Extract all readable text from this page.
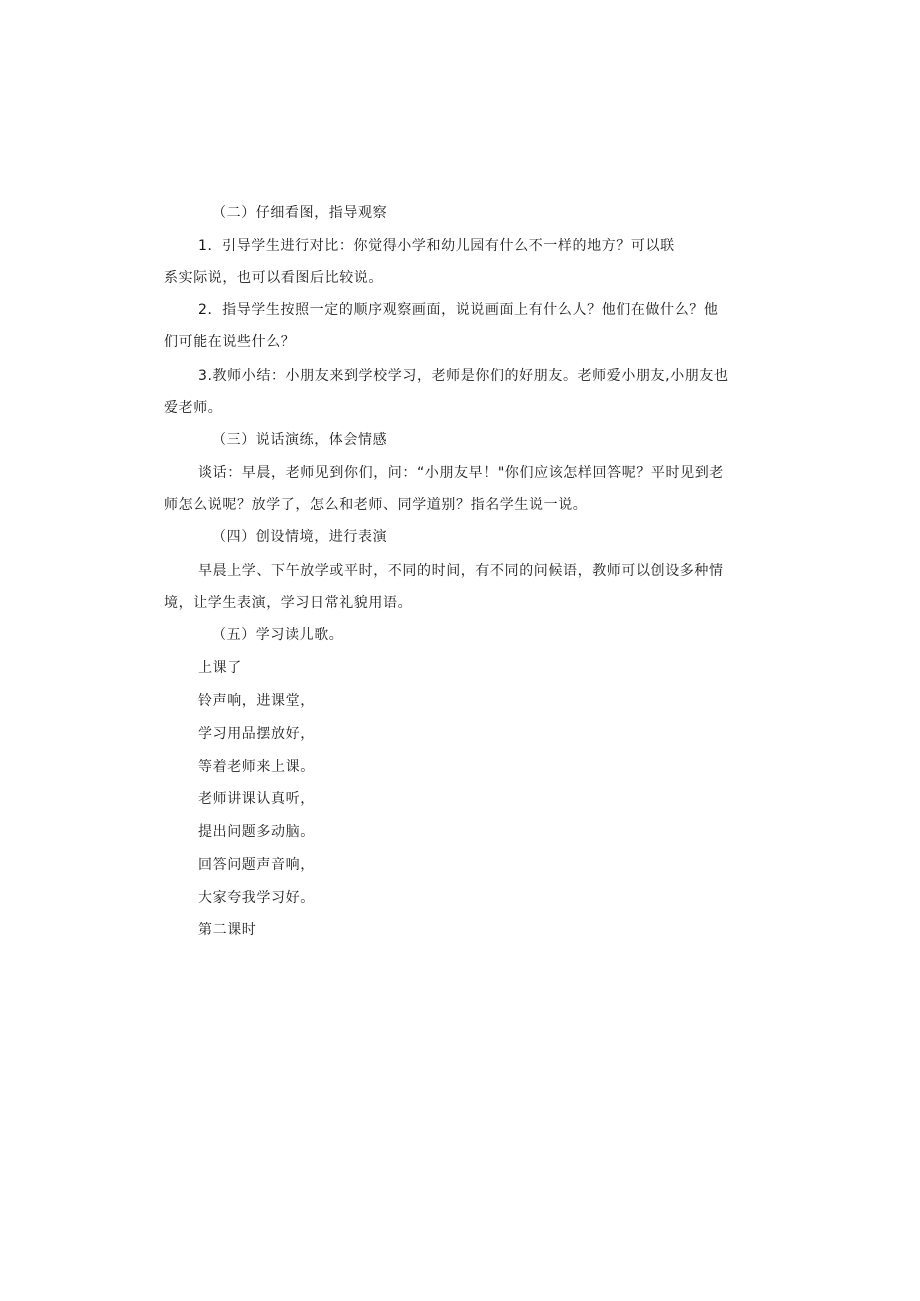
（二）仔细看图，指导观察
1．引导学生进行对比：你觉得小学和幼儿园有什么不一样的地方？可以联
系实际说，也可以看图后比较说。
2．指导学生按照一定的顺序观察画面，说说画面上有什么人？他们在做什么？他
们可能在说些什么？
3.教师小结：小朋友来到学校学习，老师是你们的好朋友。老师爱小朋友,小朋友也
爱老师。
（三）说话演练，体会情感
谈话：早晨，老师见到你们，问：“小朋友早！"你们应该怎样回答呢？平时见到老
师怎么说呢？放学了，怎么和老师、同学道别？指名学生说一说。
（四）创设情境，进行表演
早晨上学、下午放学或平时，不同的时间，有不同的问候语，教师可以创设多种情
境，让学生表演，学习日常礼貌用语。
（五）学习读儿歌。
上课了
铃声响，进课堂，
学习用品摆放好，
等着老师来上课。
老师讲课认真听，
提出问题多动脑。
回答问题声音响，
大家夸我学习好。
第二课时
